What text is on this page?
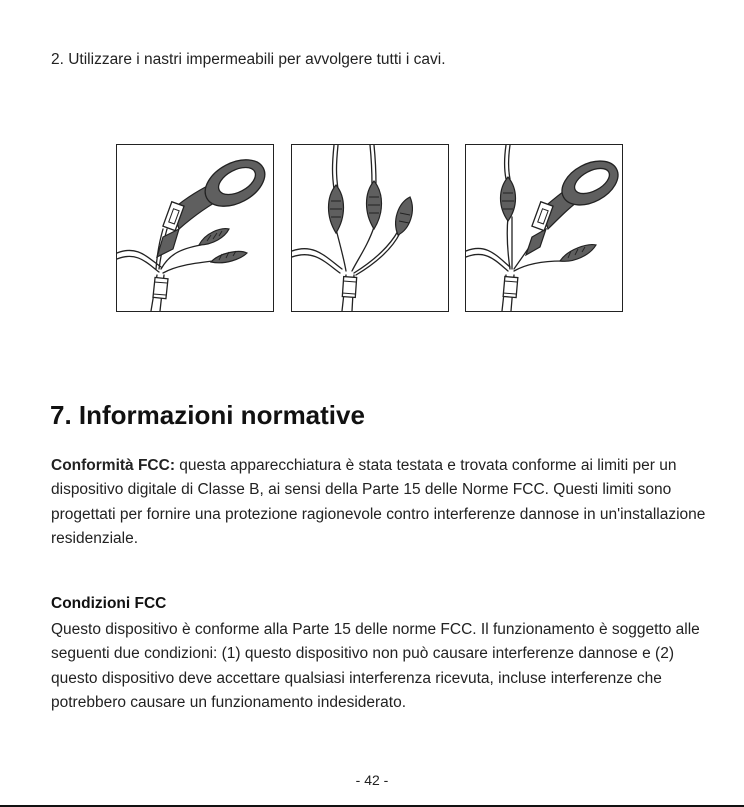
2. Utilizzare i nastri impermeabili per avvolgere tutti i cavi.

7. Informazioni normative

Conformità FCC: questa apparecchiatura è stata testata e trovata conforme ai limiti per un dispositivo digitale di Classe B, ai sensi della Parte 15 delle Norme FCC. Questi limiti sono progettati per fornire una protezione ragionevole contro interferenze dannose in un'installazione residenziale.

Condizioni FCC

Questo dispositivo è conforme alla Parte 15 delle norme FCC. Il funzionamento è soggetto alle seguenti due condizioni: (1) questo dispositivo non può causare interferenze dannose e (2) questo dispositivo deve accettare qualsiasi interferenza ricevuta, incluse interferenze che potrebbero causare un funzionamento indesiderato.

- 42 -
